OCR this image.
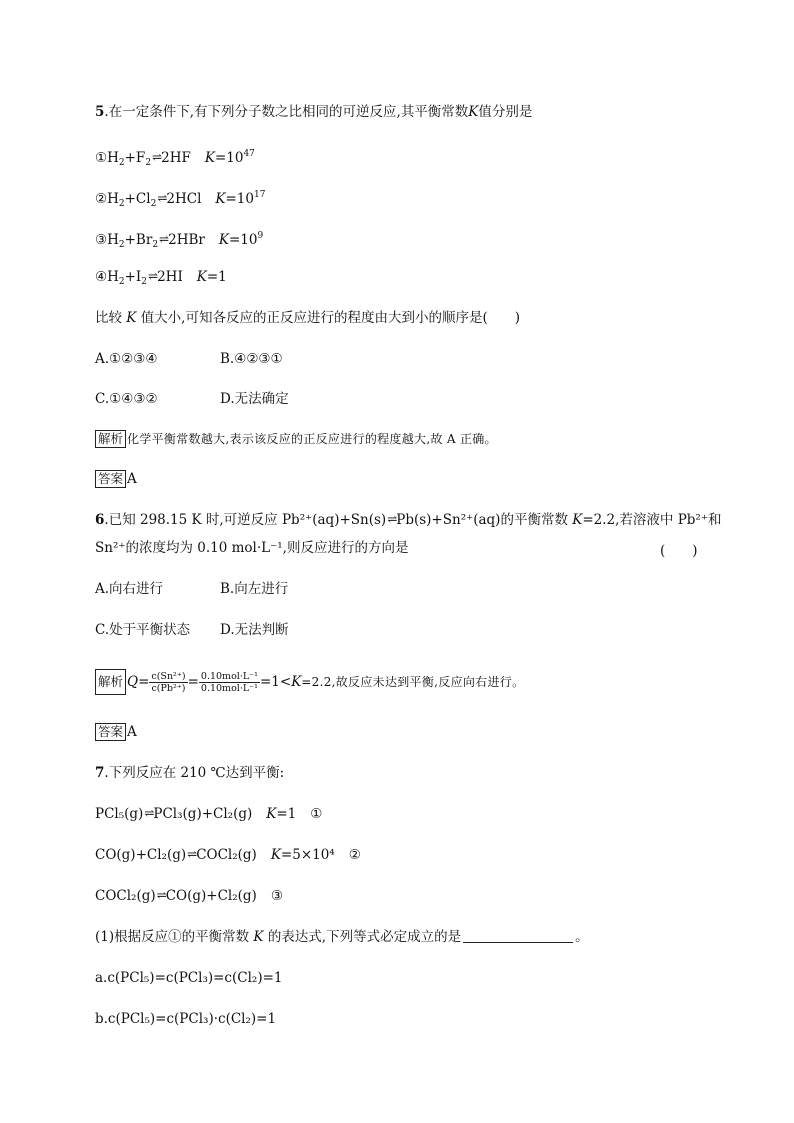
5.在一定条件下,有下列分子数之比相同的可逆反应,其平衡常数K值分别是
$①H_2+F_2\rightleftharpoons 2HF$ $K=10^{47}$
$②H_2+Cl_2\rightleftharpoons 2HCl$ $K=10^{17}$
$③H_2+Br_2\rightleftharpoons 2HBr$ $K=10^9$
$④H_2+I_2\rightleftharpoons 2HI$ K=1
比较 K 值大小,可知各反应的正反应进行的程度由大到小的顺序是(　　)
A.①②③④	B.④②③①
C.①④③②	D.无法确定
解析 化学平衡常数越大,表示该反应的正反应进行的程度越大,故 A 正确。
答案 A
6.已知 298.15 K 时,可逆反应 Pb²⁺(aq)+Sn(s)⇌Pb(s)+Sn²⁺(aq)的平衡常数 K=2.2,若溶液中 Pb²⁺和
Sn²⁺的浓度均为 0.10 mol·L⁻¹,则反应进行的方向是	(　　)
A.向右进行	B.向左进行
C.处于平衡状态 D.无法判断
解析 $Q= \frac{\text{c(Sn²⁺)}}{\text{c(Pb²⁺)}} = \frac{\text{0.10mol·L⁻¹}}{\text{0.10mol·L⁻¹}} =1<K=2.2$,故反应未达到平衡,反应向右进行。
答案 A
7.下列反应在 210 ℃达到平衡:
PCl₅(g)⇌PCl₃(g)+Cl₂(g) K=1 ①
CO(g)+Cl₂(g)⇌COCl₂(g) K=5×10⁴ ②
COCl₂(g)⇌CO(g)+Cl₂(g) ③
(1)根据反应①的平衡常数 K 的表达式,下列等式必定成立的是	。
a.c(PCl₅)=c(PCl₃)=c(Cl₂)=1
b.c(PCl₅)=c(PCl₃)·c(Cl₂)=1
